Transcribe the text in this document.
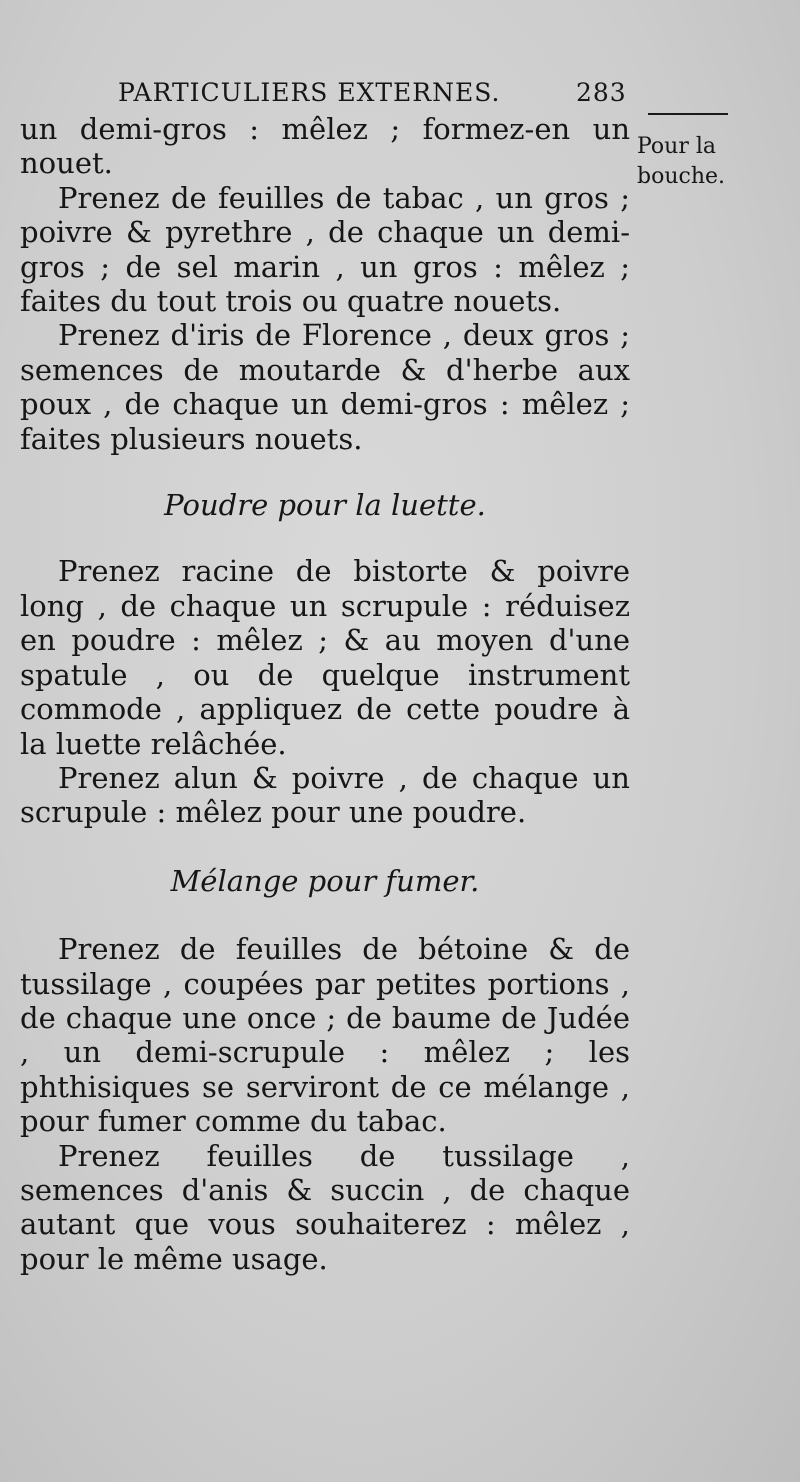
PARTICULIERS EXTERNES.	283
Pour la
bouche.

un demi-gros : mêlez ; formez-en un nouet.

Prenez de feuilles de tabac , un gros ; poivre & pyrethre , de chaque un demi-gros ; de sel marin , un gros : mêlez ; faites du tout trois ou quatre nouets.

Prenez d'iris de Florence , deux gros ; semences de moutarde & d'herbe aux poux , de chaque un demi-gros : mêlez ; faites plusieurs nouets.

Poudre pour la luette.

Prenez racine de bistorte & poivre long , de chaque un scrupule : réduisez en poudre : mêlez ; & au moyen d'une spatule , ou de quelque instrument commode , appliquez de cette poudre à la luette relâchée.

Prenez alun & poivre , de chaque un scrupule : mêlez pour une poudre.

Mélange pour fumer.

Prenez de feuilles de bétoine & de tussilage , coupées par petites portions , de chaque une once ; de baume de Judée , un demi-scrupule : mêlez ; les phthisiques se serviront de ce mélange , pour fumer comme du tabac.

Prenez feuilles de tussilage , semences d'anis & succin , de chaque autant que vous souhaiterez : mêlez , pour le même usage.
